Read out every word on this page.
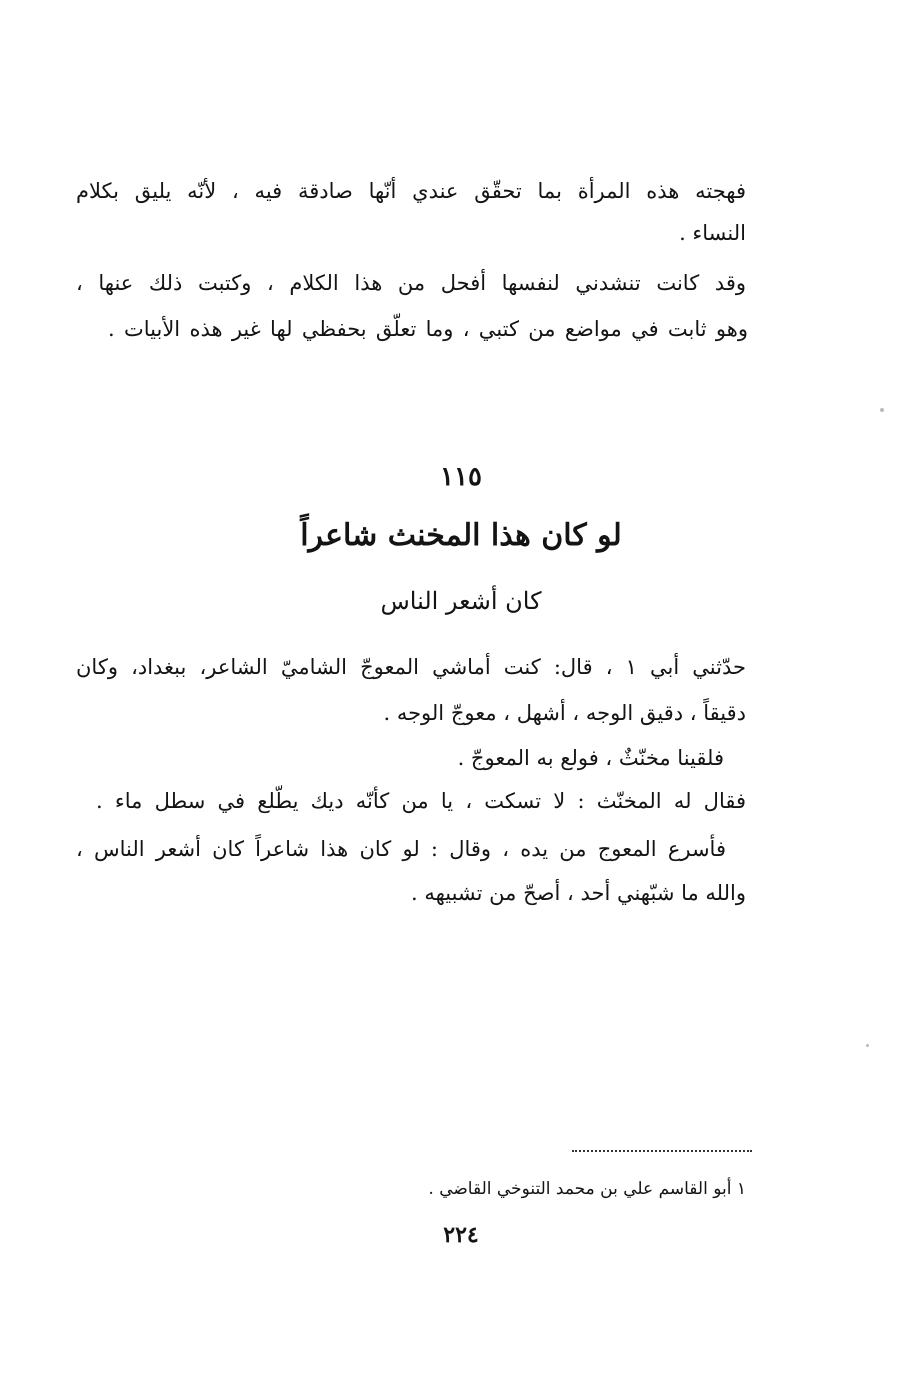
فهجته هذه المرأة بما تحقّق عندي أنّها صادقة فيه ، لأنّه يليق بكلام
النساء .
وقد كانت تنشدني لنفسها أفحل من هذا الكلام ، وكتبت ذلك عنها ،
وهو ثابت في مواضع من كتبي ، وما تعلّق بحفظي لها غير هذه الأبيات .
١١٥
لو كان هذا المخنث شاعراً
كان أشعر الناس
حدّثني أبي ١ ، قال: كنت أماشي المعوجّ الشاميّ الشاعر، ببغداد، وكان
دقيقاً ، دقيق الوجه ، أشهل ، معوجّ الوجه .
فلقينا مخنّثٌ ، فولع به المعوجّ .
فقال له المخنّث : لا تسكت ، يا من كأنّه ديك يطّلع في سطل ماء .
فأسرع المعوج من يده ، وقال : لو كان هذا شاعراً كان أشعر الناس ،
والله ما شبّهني أحد ، أصحّ من تشبيهه .
١ أبو القاسم علي بن محمد التنوخي القاضي .
٢٢٤
